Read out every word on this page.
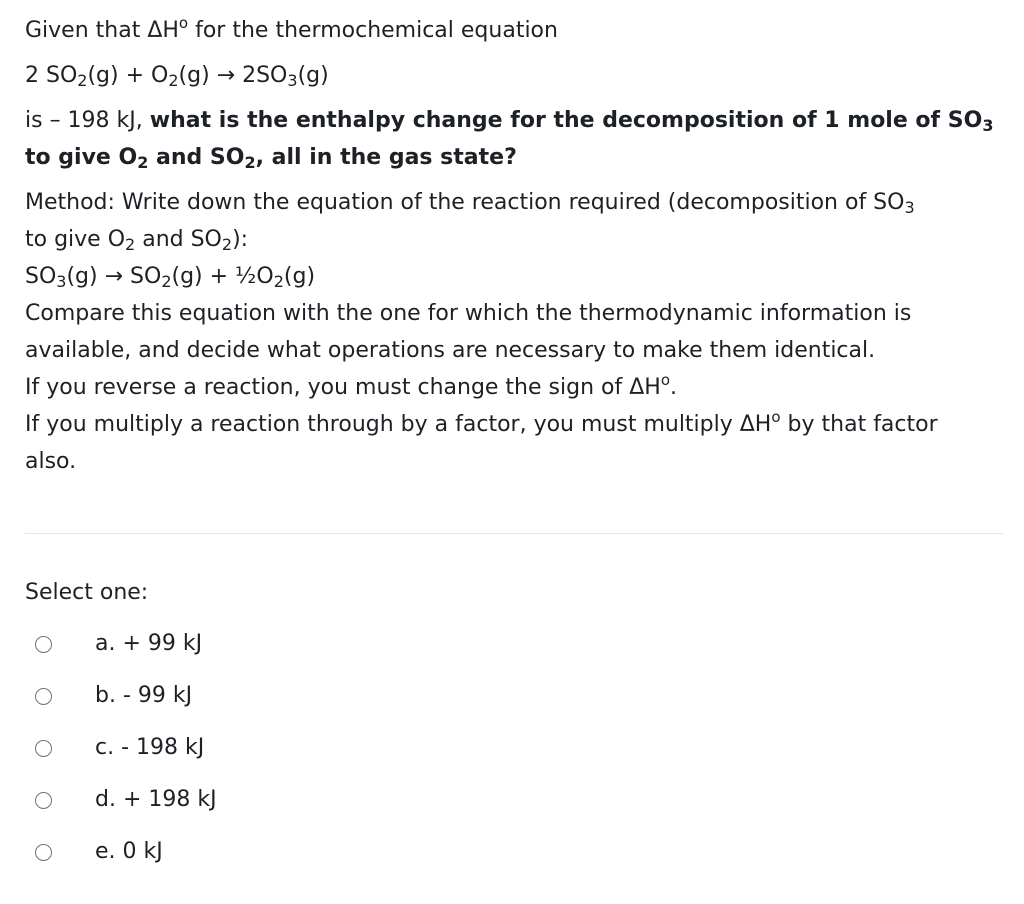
Given that $\Delta H^o$ for the thermochemical equation
2 $SO_2(g) + O_2(g) \to 2SO_3(g)$
is – 198 kJ, what is the enthalpy change for the decomposition of 1 mole of $SO_3$
to give $O_2$ and $SO_2$, all in the gas state?
Method: Write down the equation of the reaction required (decomposition of $SO_3$
to give $O_2$ and $SO_2$):
$SO_3(g) \to SO_2(g)$ + $\frac{1}{2}O_2(g)$
Compare this equation with the one for which the thermodynamic information is
available, and decide what operations are necessary to make them identical.
If you reverse a reaction, you must change the sign of $\Delta H^o$.
If you multiply a reaction through by a factor, you must multiply $\Delta H^o$ by that factor
also.
Select one:
a. + 99 kJ
b. - 99 kJ
c. - 198 kJ
d. + 198 kJ
e. 0 kJ
